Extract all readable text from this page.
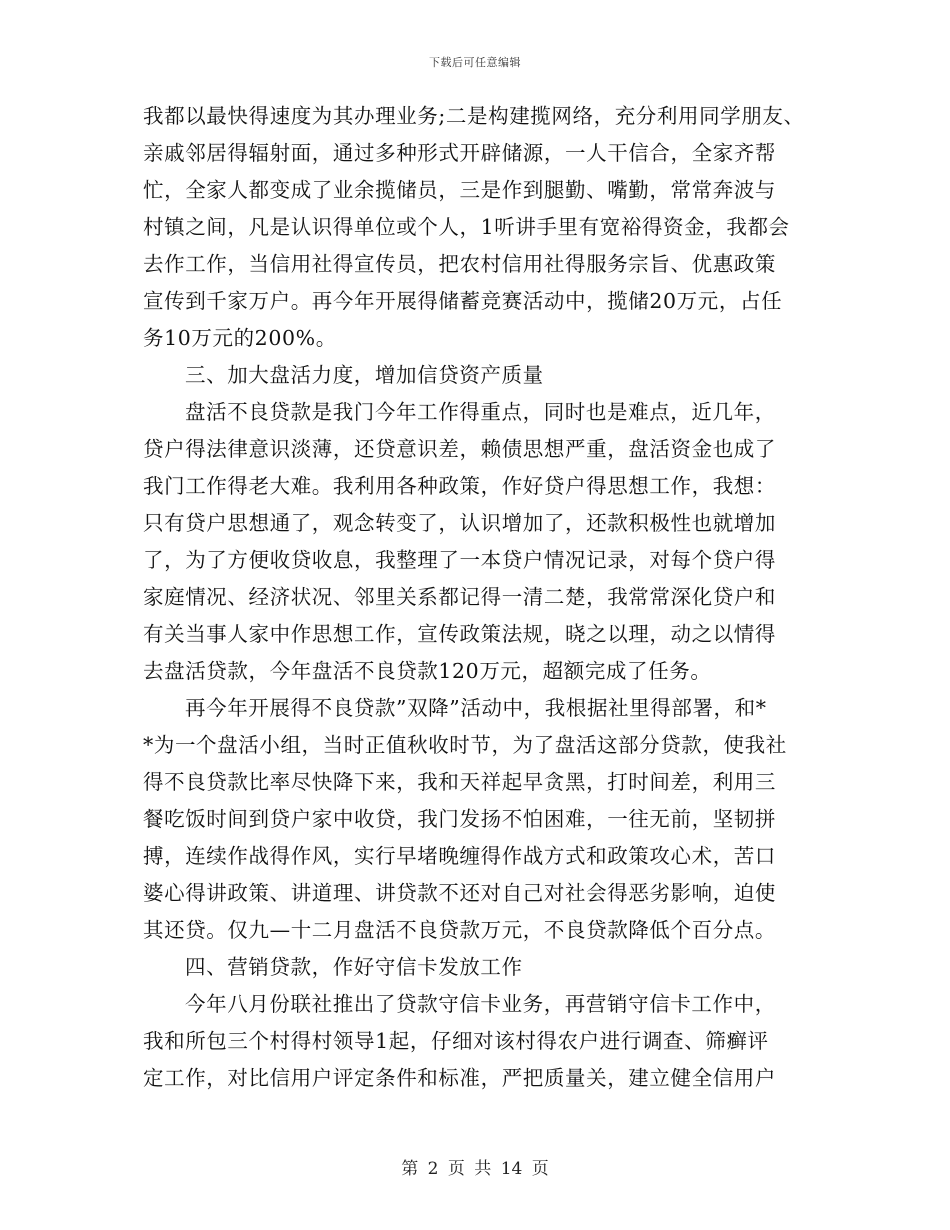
下载后可任意编辑
我都以最快得速度为其办理业务;二是构建揽网络，充分利用同学朋友、
亲戚邻居得辐射面，通过多种形式开辟储源，一人干信合，全家齐帮
忙，全家人都变成了业余揽储员，三是作到腿勤、嘴勤，常常奔波与
村镇之间，凡是认识得单位或个人，1听讲手里有宽裕得资金，我都会
去作工作，当信用社得宣传员，把农村信用社得服务宗旨、优惠政策
宣传到千家万户。再今年开展得储蓄竞赛活动中，揽储20万元，占任
务10万元的200%。
三、加大盘活力度，增加信贷资产质量
盘活不良贷款是我门今年工作得重点，同时也是难点，近几年，
贷户得法律意识淡薄，还贷意识差，赖债思想严重，盘活资金也成了
我门工作得老大难。我利用各种政策，作好贷户得思想工作，我想：
只有贷户思想通了，观念转变了，认识增加了，还款积极性也就增加
了，为了方便收贷收息，我整理了一本贷户情况记录，对每个贷户得
家庭情况、经济状况、邻里关系都记得一清二楚，我常常深化贷户和
有关当事人家中作思想工作，宣传政策法规，晓之以理，动之以情得
去盘活贷款，今年盘活不良贷款120万元，超额完成了任务。
再今年开展得不良贷款”双降”活动中，我根据社里得部署，和*
*为一个盘活小组，当时正值秋收时节，为了盘活这部分贷款，使我社
得不良贷款比率尽快降下来，我和天祥起早贪黑，打时间差，利用三
餐吃饭时间到贷户家中收贷，我门发扬不怕困难，一往无前，坚韧拼
搏，连续作战得作风，实行早堵晚缠得作战方式和政策攻心术，苦口
婆心得讲政策、讲道理、讲贷款不还对自己对社会得恶劣影响，迫使
其还贷。仅九—十二月盘活不良贷款万元，不良贷款降低个百分点。
四、营销贷款，作好守信卡发放工作
今年八月份联社推出了贷款守信卡业务，再营销守信卡工作中，
我和所包三个村得村领导1起，仔细对该村得农户进行调查、筛癣评
定工作，对比信用户评定条件和标准，严把质量关，建立健全信用户
第 2 页 共 14 页
